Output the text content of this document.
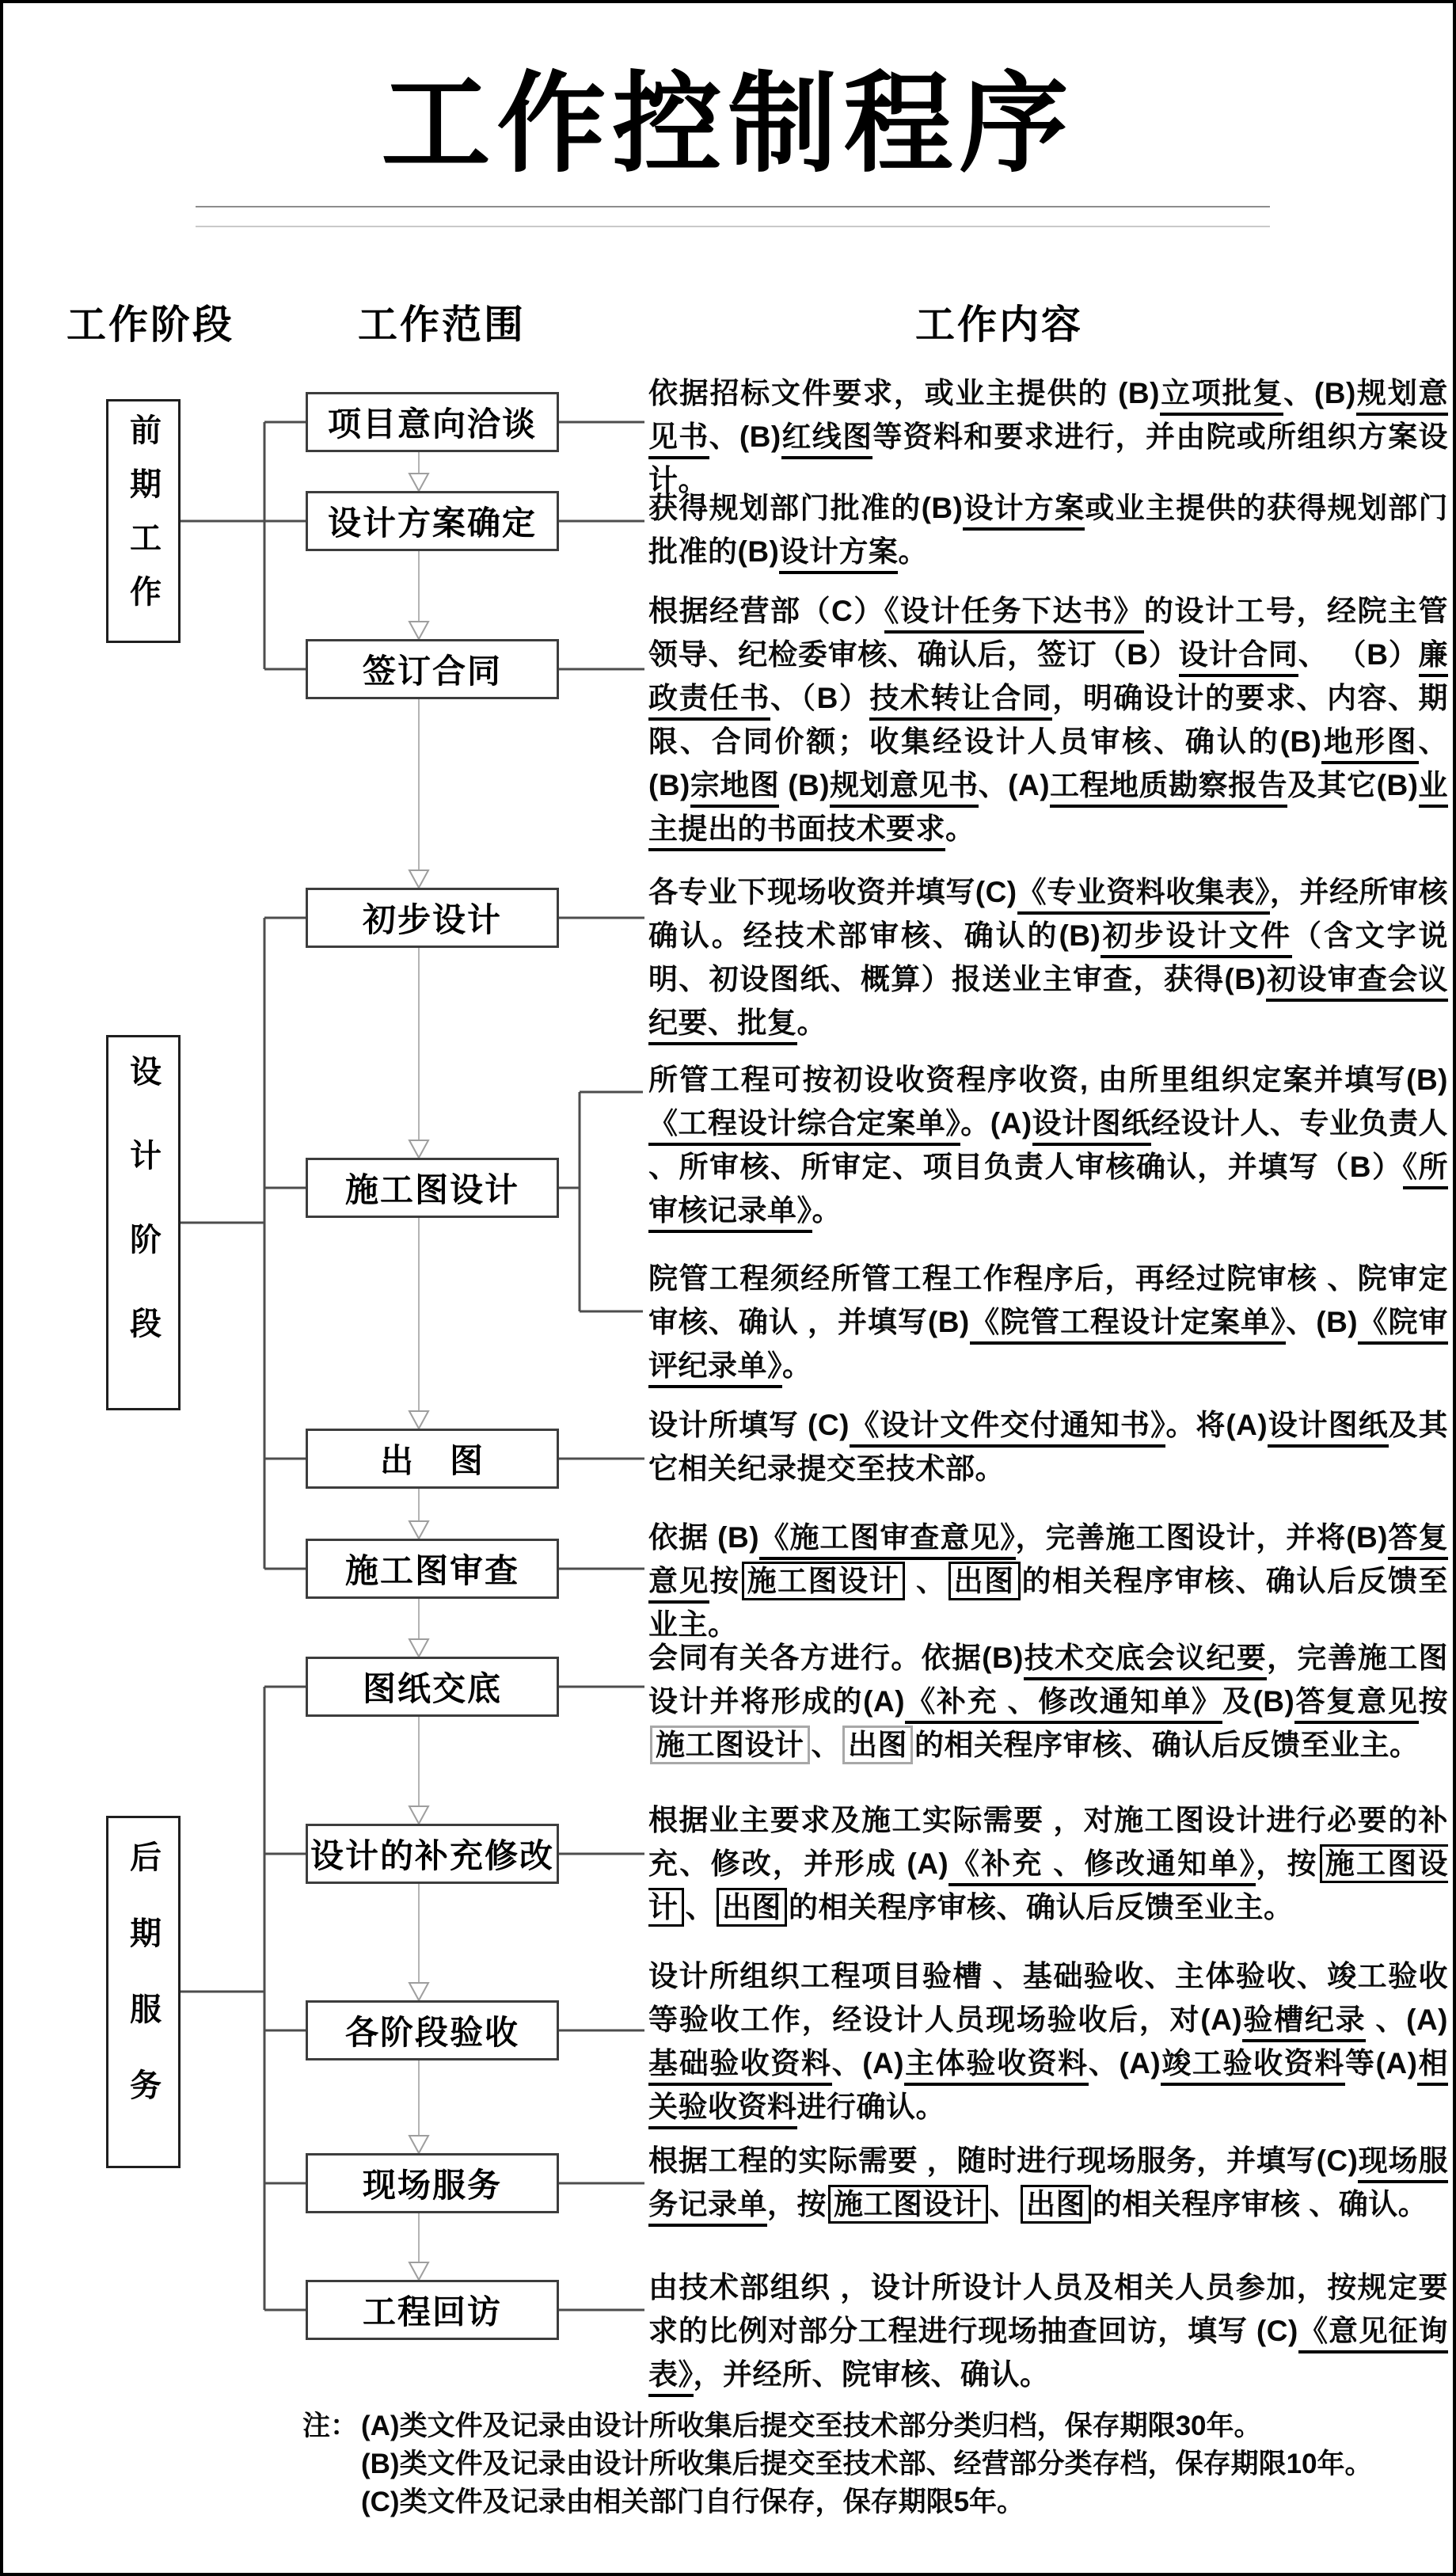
工作控制程序
工作阶段	工作范围	工作内容
前期工作
设计阶段
后期服务
项目意向洽谈
设计方案确定
签订合同
初步设计
施工图设计
出　图
施工图审查
图纸交底
设计的补充修改
各阶段验收
现场服务
工程回访
依据招标文件要求，或业主提供的 (B)立项批复、(B)规划意见书、(B)红线图等资料和要求进行，并由院或所组织方案设计。
获得规划部门批准的(B)设计方案或业主提供的获得规划部门批准的(B)设计方案。
根据经营部（C）《设计任务下达书》的设计工号，经院主管领导、纪检委审核、确认后，签订（B）设计合同、 （B）廉政责任书、（B）技术转让合同，明确设计的要求、内容、期限、合同价额；收集经设计人员审核、确认的(B)地形图、 (B)宗地图 (B)规划意见书、(A)工程地质勘察报告及其它(B)业主提出的书面技术要求。
各专业下现场收资并填写(C)《专业资料收集表》，并经所审核确认。经技术部审核、确认的(B)初步设计文件（含文字说明、初设图纸、概算）报送业主审查，获得(B)初设审查会议纪要、批复。
所管工程可按初设收资程序收资, 由所里组织定案并填写(B)《工程设计综合定案单》。(A)设计图纸经设计人、专业负责人 、所审核、所审定、项目负责人审核确认，并填写（B）《所审核记录单》。
院管工程须经所管工程工作程序后，再经过院审核 、院审定审核、确认 ，并填写(B)《院管工程设计定案单》、(B)《院审评纪录单》。
设计所填写 (C)《设计文件交付通知书》。将(A)设计图纸及其它相关纪录提交至技术部。
依据 (B)《施工图审查意见》，完善施工图设计，并将(B)答复意见按 施工图设计 、 出图 的相关程序审核、确认后反馈至业主。
会同有关各方进行。依据(B)技术交底会议纪要，完善施工图设计并将形成的(A)《补充 、修改通知单》及(B)答复意见按施工图设计 、 出图 的相关程序审核、确认后反馈至业主。
根据业主要求及施工实际需要 ，对施工图设计进行必要的补充、修改，并形成 (A)《补充 、修改通知单》，按 施工图设计 、 出图 的相关程序审核、确认后反馈至业主。
设计所组织工程项目验槽 、基础验收、主体验收、竣工验收等验收工作，经设计人员现场验收后，对(A)验槽纪录 、(A)基础验收资料、(A)主体验收资料、(A)竣工验收资料等(A)相关验收资料进行确认。
根据工程的实际需要 ，随时进行现场服务，并填写(C)现场服务记录单，按 施工图设计 、 出图 的相关程序审核 、确认。
由技术部组织 ，设计所设计人员及相关人员参加，按规定要求的比例对部分工程进行现场抽查回访，填写 (C)《意见征询表》，并经所、院审核、确认。
注： (A)类文件及记录由设计所收集后提交至技术部分类归档，保存期限30年。
(B)类文件及记录由设计所收集后提交至技术部、经营部分类存档，保存期限10年。
(C)类文件及记录由相关部门自行保存，保存期限5年。
